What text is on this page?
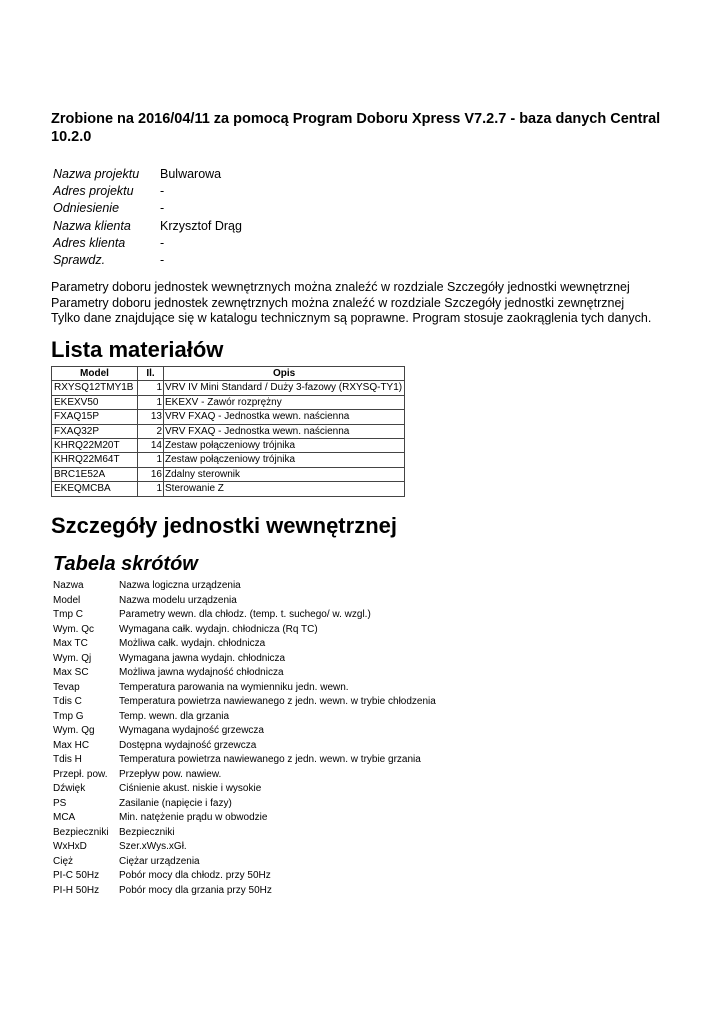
Zrobione na 2016/04/11 za pomocą Program Doboru Xpress V7.2.7 - baza danych Central 10.2.0
Nazwa projektu	Bulwarowa
Adres projektu	-
Odniesienie	-
Nazwa klienta	Krzysztof Drąg
Adres klienta	-
Sprawdz.	-
Parametry doboru jednostek wewnętrznych można znaleźć w rozdziale Szczegóły jednostki wewnętrznej
Parametry doboru jednostek zewnętrznych można znaleźć w rozdziale Szczegóły jednostki zewnętrznej
Tylko dane znajdujące się w katalogu technicznym są poprawne. Program stosuje zaokrąglenia tych danych.
Lista materiałów
Model	Il.	Opis
RXYSQ12TMY1B	1	VRV IV Mini Standard / Duży 3-fazowy (RXYSQ-TY1)
EKEXV50	1	EKEXV - Zawór rozprężny
FXAQ15P	13	VRV FXAQ - Jednostka wewn. naścienna
FXAQ32P	2	VRV FXAQ - Jednostka wewn. naścienna
KHRQ22M20T	14	Zestaw połączeniowy trójnika
KHRQ22M64T	1	Zestaw połączeniowy trójnika
BRC1E52A	16	Zdalny sterownik
EKEQMCBA	1	Sterowanie Z
Szczegóły jednostki wewnętrznej
Tabela skrótów
Nazwa	Nazwa logiczna urządzenia
Model	Nazwa modelu urządzenia
Tmp C	Parametry wewn. dla chłodz. (temp. t. suchego/ w. wzgl.)
Wym. Qc	Wymagana całk. wydajn. chłodnicza (Rq TC)
Max TC	Możliwa całk. wydajn. chłodnicza
Wym. Qj	Wymagana jawna wydajn. chłodnicza
Max SC	Możliwa jawna wydajność chłodnicza
Tevap	Temperatura parowania na wymienniku jedn. wewn.
Tdis C	Temperatura powietrza nawiewanego z jedn. wewn. w trybie chłodzenia
Tmp G	Temp. wewn. dla grzania
Wym. Qg	Wymagana wydajność grzewcza
Max HC	Dostępna wydajność grzewcza
Tdis H	Temperatura powietrza nawiewanego z jedn. wewn. w trybie grzania
Przepł. pow.	Przepływ pow. nawiew.
Dźwięk	Ciśnienie akust. niskie i wysokie
PS	Zasilanie (napięcie i fazy)
MCA	Min. natężenie prądu w obwodzie
Bezpieczniki	Bezpieczniki
WxHxD	Szer.xWys.xGł.
Cięż	Ciężar urządzenia
PI-C 50Hz	Pobór mocy dla chłodz. przy 50Hz
PI-H 50Hz	Pobór mocy dla grzania przy 50Hz
